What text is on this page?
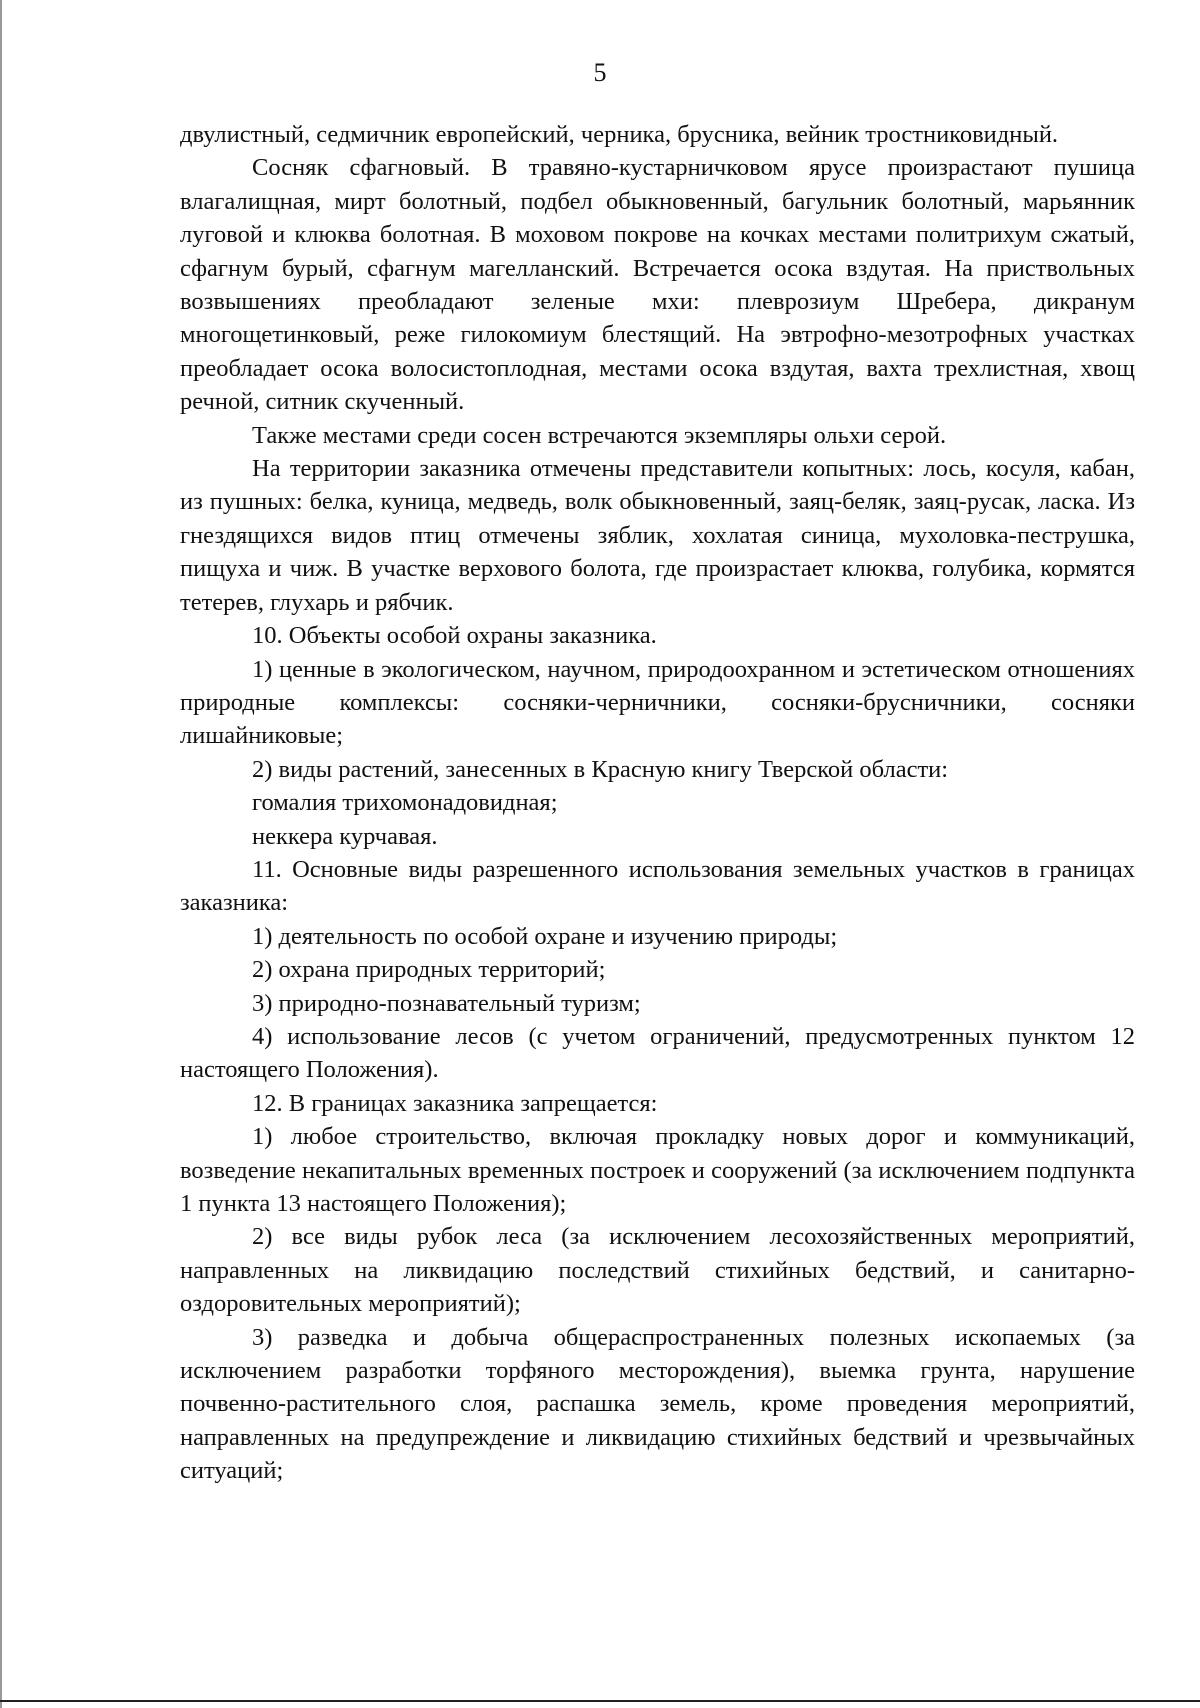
5

двулистный, седмичник европейский, черника, брусника, вейник тростниковидный.

Сосняк сфагновый. В травяно-кустарничковом ярусе произрастают пушица влагалищная, мирт болотный, подбел обыкновенный, багульник болотный, марьянник луговой и клюква болотная. В моховом покрове на кочках местами политрихум сжатый, сфагнум бурый, сфагнум магелланский. Встречается осока вздутая. На приствольных возвышениях преобладают зеленые мхи: плеврозиум Шребера, дикранум многощетинковый, реже гилокомиум блестящий. На эвтрофно-мезотрофных участках преобладает осока волосистоплодная, местами осока вздутая, вахта трехлистная, хвощ речной, ситник скученный.

Также местами среди сосен встречаются экземпляры ольхи серой.

На территории заказника отмечены представители копытных: лось, косуля, кабан, из пушных: белка, куница, медведь, волк обыкновенный, заяц-беляк, заяц-русак, ласка. Из гнездящихся видов птиц отмечены зяблик, хохлатая синица, мухоловка-пеструшка, пищуха и чиж. В участке верхового болота, где произрастает клюква, голубика, кормятся тетерев, глухарь и рябчик.

10. Объекты особой охраны заказника.

1) ценные в экологическом, научном, природоохранном и эстетическом отношениях природные комплексы: сосняки-черничники, сосняки-брусничники, сосняки лишайниковые;

2) виды растений, занесенных в Красную книгу Тверской области:

гомалия трихомонадовидная;

неккера курчавая.

11. Основные виды разрешенного использования земельных участков в границах заказника:

1) деятельность по особой охране и изучению природы;

2) охрана природных территорий;

3) природно-познавательный туризм;

4) использование лесов (с учетом ограничений, предусмотренных пунктом 12 настоящего Положения).

12. В границах заказника запрещается:

1) любое строительство, включая прокладку новых дорог и коммуникаций, возведение некапитальных временных построек и сооружений (за исключением подпункта 1 пункта 13 настоящего Положения);

2) все виды рубок леса (за исключением лесохозяйственных мероприятий, направленных на ликвидацию последствий стихийных бедствий, и санитарно-оздоровительных мероприятий);

3) разведка и добыча общераспространенных полезных ископаемых (за исключением разработки торфяного месторождения), выемка грунта, нарушение почвенно-растительного слоя, распашка земель, кроме проведения мероприятий, направленных на предупреждение и ликвидацию стихийных бедствий и чрезвычайных ситуаций;
